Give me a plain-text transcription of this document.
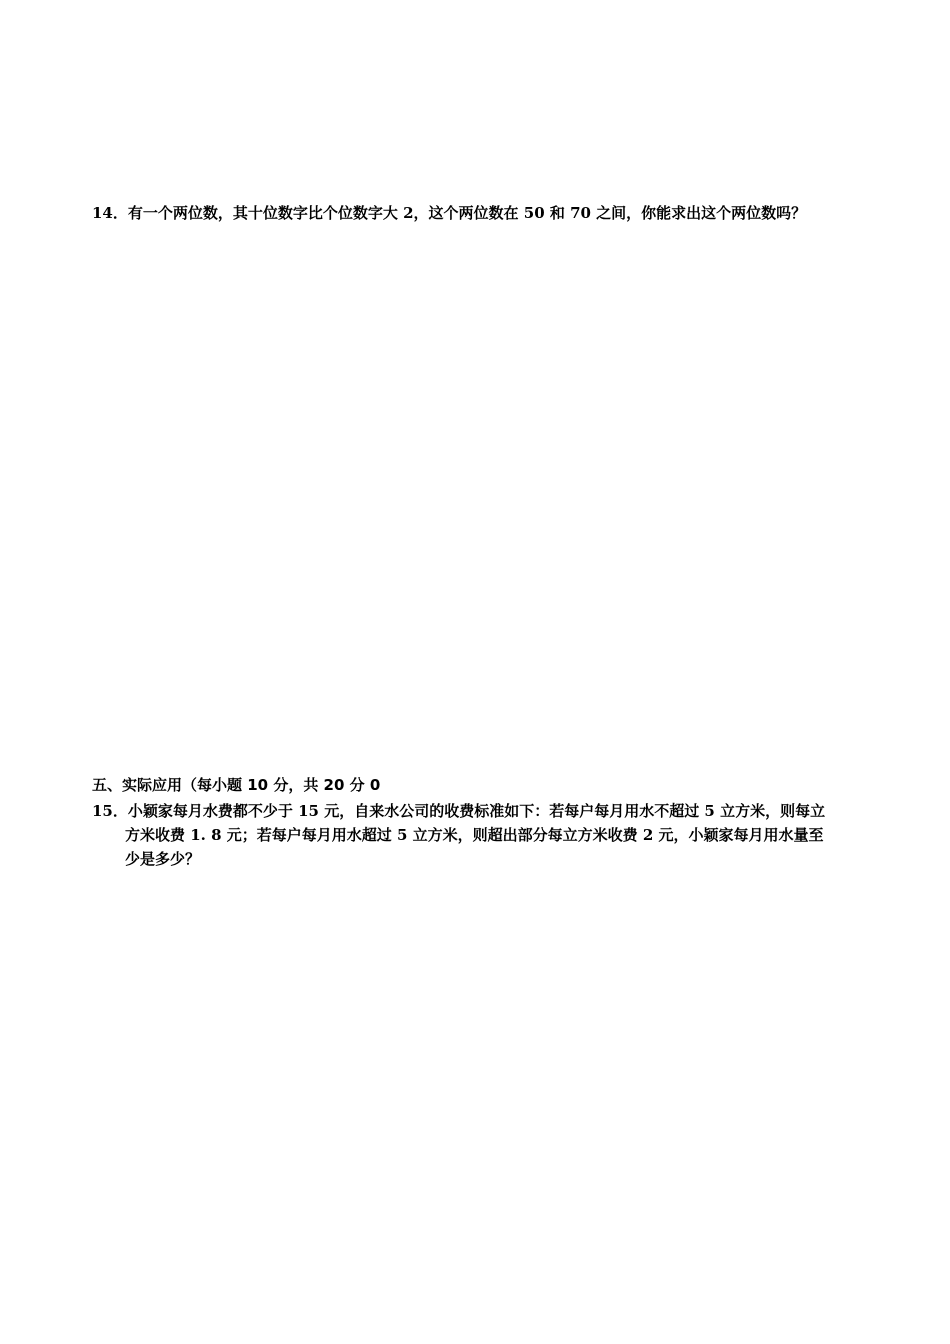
14．有一个两位数，其十位数字比个位数字大 2，这个两位数在 50 和 70 之间，你能求出这个两位数吗？
五、实际应用（每小题 10 分，共 20 分 0
15．小颖家每月水费都不少于 15 元，自来水公司的收费标准如下：若每户每月用水不超过 5 立方米，则每立
方米收费 1. 8 元；若每户每月用水超过 5 立方米，则超出部分每立方米收费 2 元，小颖家每月用水量至
少是多少？
